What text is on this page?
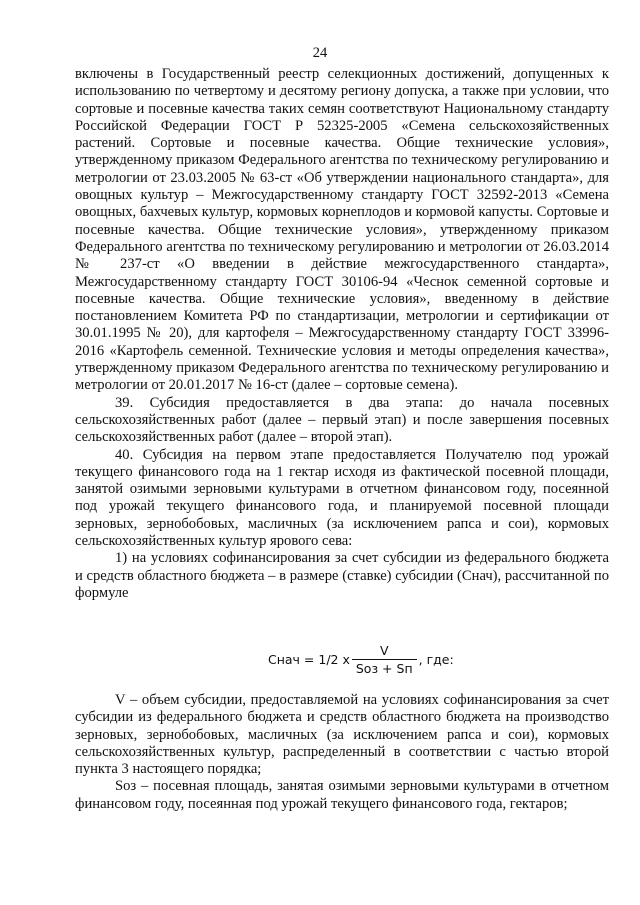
24

включены в Государственный реестр селекционных достижений, допущенных к использованию по четвертому и десятому региону допуска, а также при условии, что сортовые и посевные качества таких семян соответствуют Национальному стандарту Российской Федерации ГОСТ Р 52325-2005 «Семена сельскохозяйственных растений. Сортовые и посевные качества. Общие технические условия», утвержденному приказом Федерального агентства по техническому регулированию и метрологии от 23.03.2005 № 63-ст «Об утверждении национального стандарта», для овощных культур – Межгосударственному стандарту ГОСТ 32592-2013 «Семена овощных, бахчевых культур, кормовых корнеплодов и кормовой капусты. Сортовые и посевные качества. Общие технические условия», утвержденному приказом Федерального агентства по техническому регулированию и метрологии от 26.03.2014 № 237-ст «О введении в действие межгосударственного стандарта», Межгосударственному стандарту ГОСТ 30106-94 «Чеснок семенной сортовые и посевные качества. Общие технические условия», введенному в действие постановлением Комитета РФ по стандартизации, метрологии и сертификации от 30.01.1995 № 20), для картофеля – Межгосударственному стандарту ГОСТ 33996-2016 «Картофель семенной. Технические условия и методы определения качества», утвержденному приказом Федерального агентства по техническому регулированию и метрологии от 20.01.2017 № 16-ст (далее – сортовые семена).

39. Субсидия предоставляется в два этапа: до начала посевных сельскохозяйственных работ (далее – первый этап) и после завершения посевных сельскохозяйственных работ (далее – второй этап).

40. Субсидия на первом этапе предоставляется Получателю под урожай текущего финансового года на 1 гектар исходя из фактической посевной площади, занятой озимыми зерновыми культурами в отчетном финансовом году, посеянной под урожай текущего финансового года, и планируемой посевной площади зерновых, зернобобовых, масличных (за исключением рапса и сои), кормовых сельскохозяйственных культур ярового сева:

1) на условиях софинансирования за счет субсидии из федерального бюджета и средств областного бюджета – в размере (ставке) субсидии (Снач), рассчитанной по формуле

Снач = 1/2 x $\frac{V}{\text{Sоз + Sп}}$ , где:

V – объем субсидии, предоставляемой на условиях софинансирования за счет субсидии из федерального бюджета и средств областного бюджета на производство зерновых, зернобобовых, масличных (за исключением рапса и сои), кормовых сельскохозяйственных культур, распределенный в соответствии с частью второй пункта 3 настоящего порядка;

Sоз – посевная площадь, занятая озимыми зерновыми культурами в отчетном финансовом году, посеянная под урожай текущего финансового года, гектаров;
